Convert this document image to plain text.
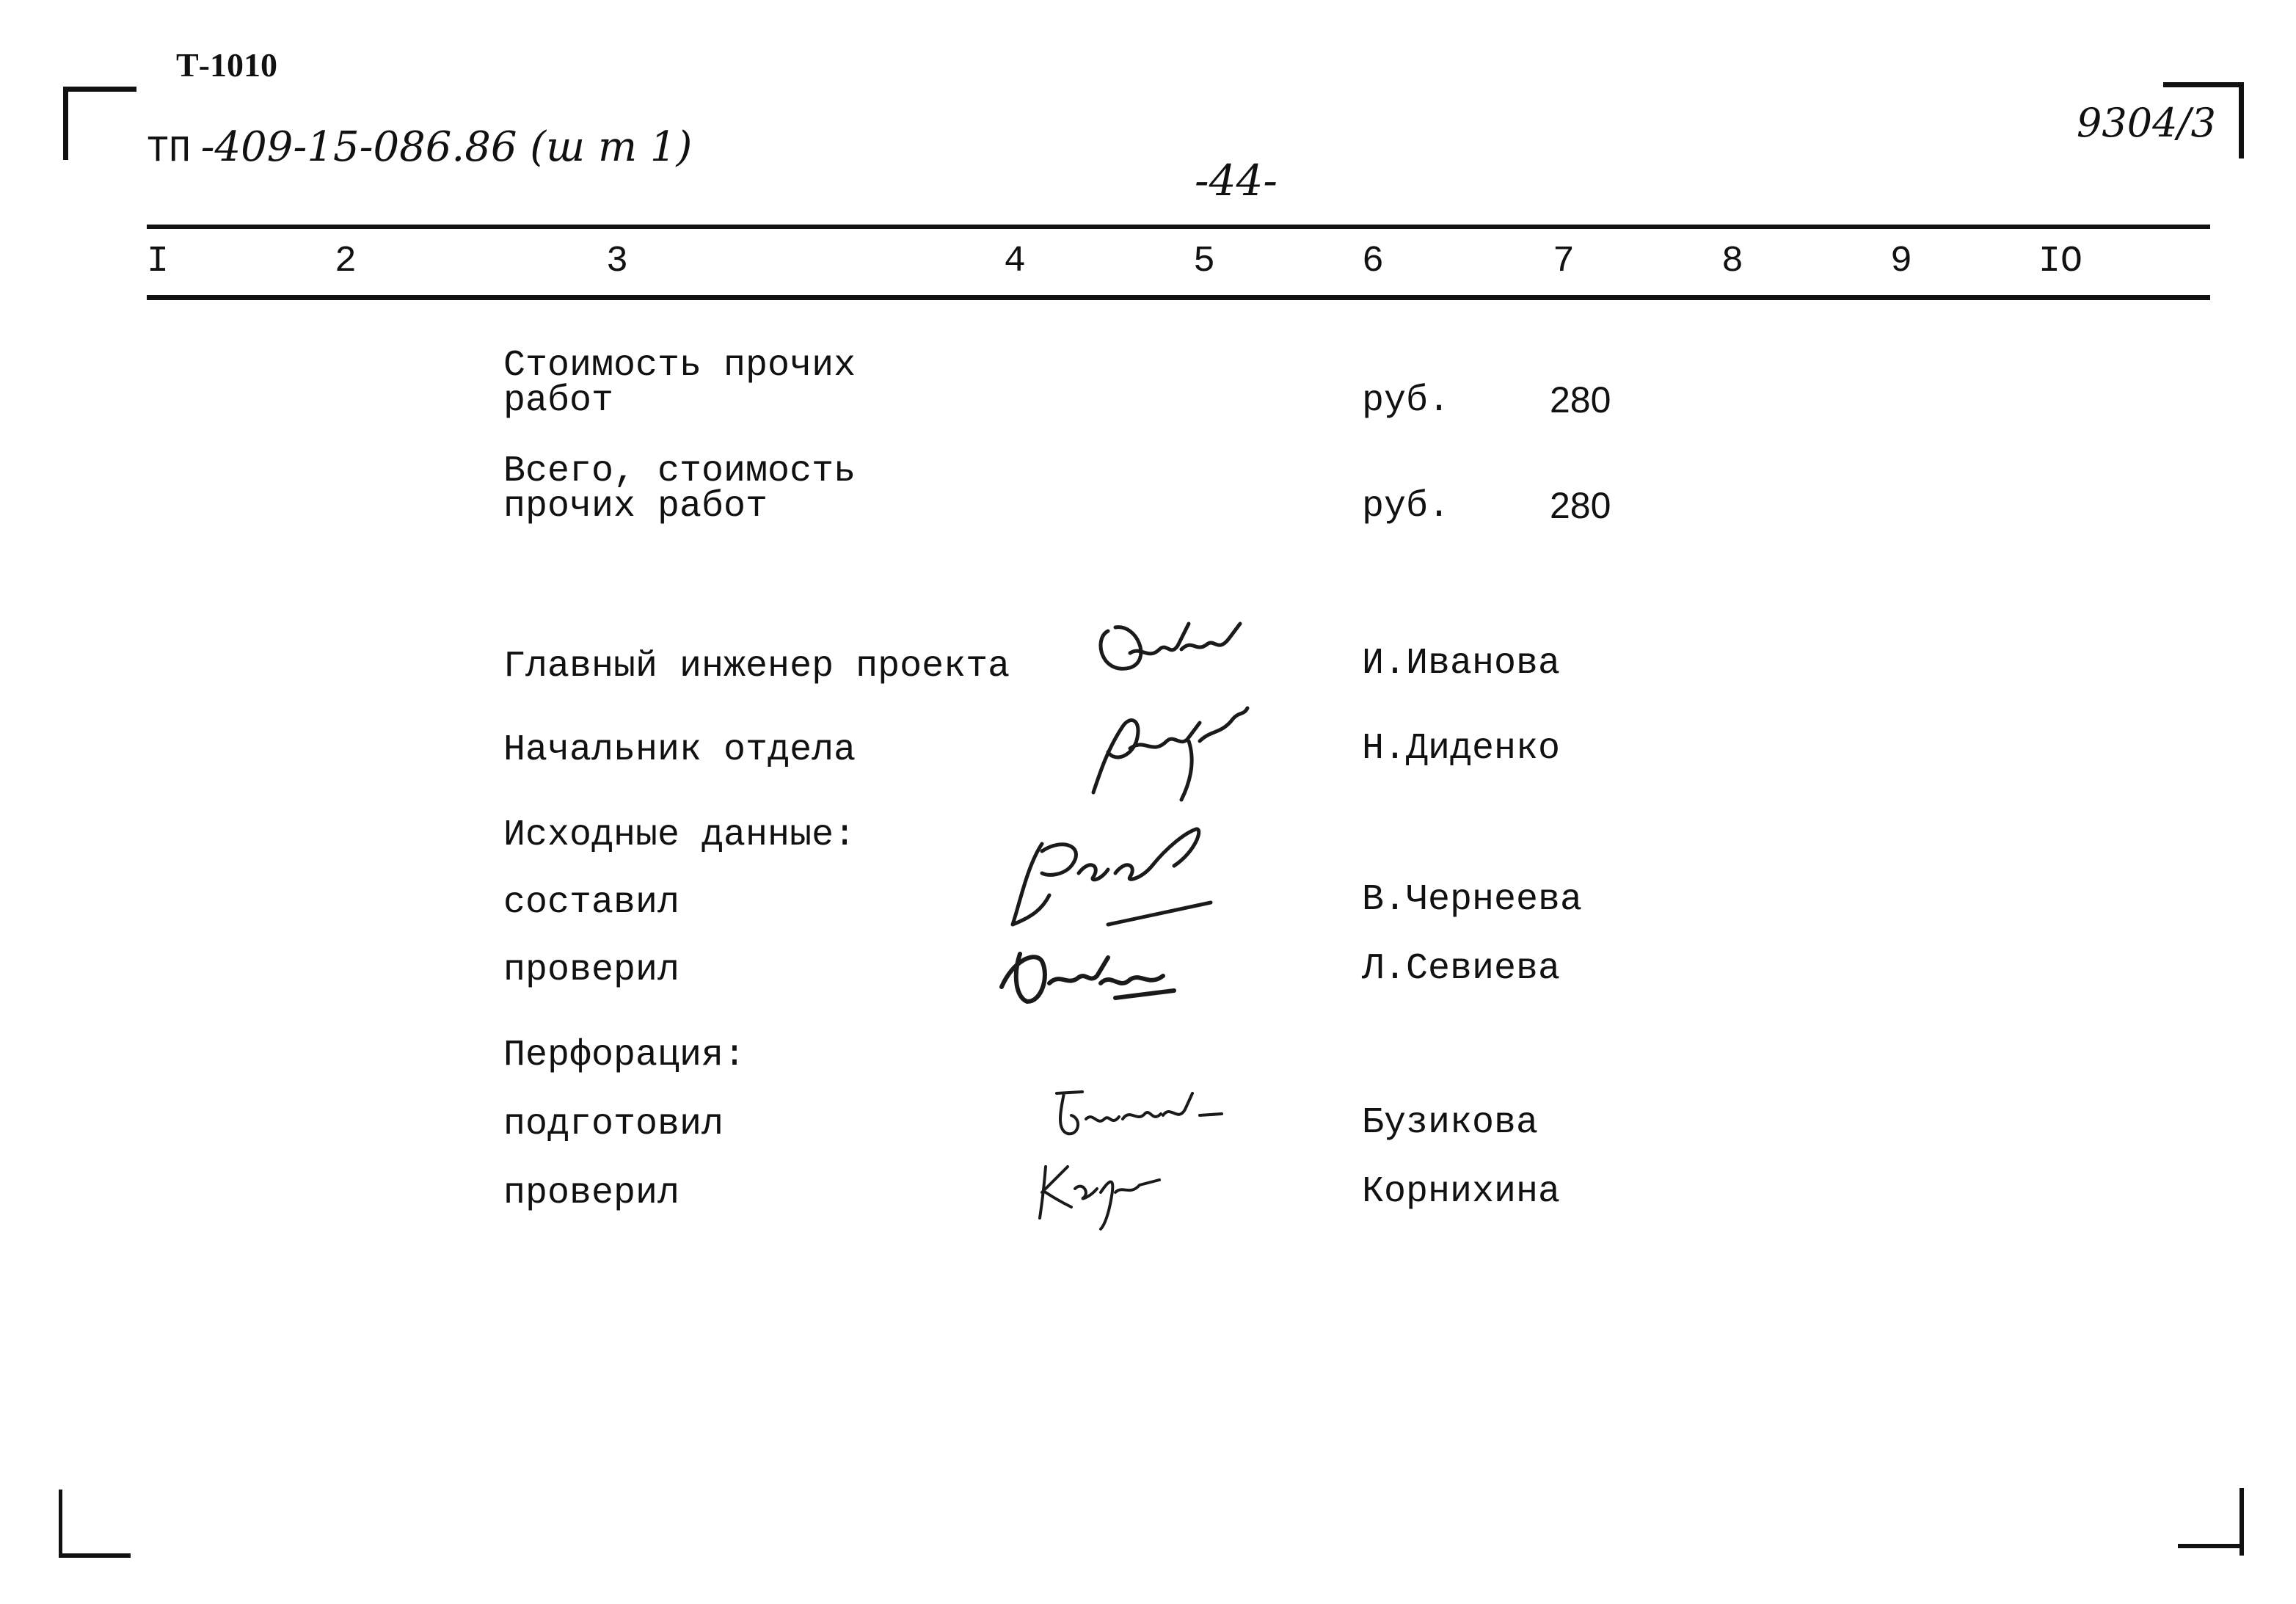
Т-1010
ТП -409-15-086.86 (ш т 1)
-44-
9304/3
I	2	3	4	5	6	7	8	9	IO
Стоимость прочих
работ	руб.	280
Всего, стоимость
прочих работ	руб.	280
Главный инженер проекта	И.Иванова
Начальник отдела	Н.Диденко
Исходные данные:
составил	В.Чернеева
проверил	Л.Севиева
Перфорация:
подготовил	Бузикова
проверил	Корнихина
